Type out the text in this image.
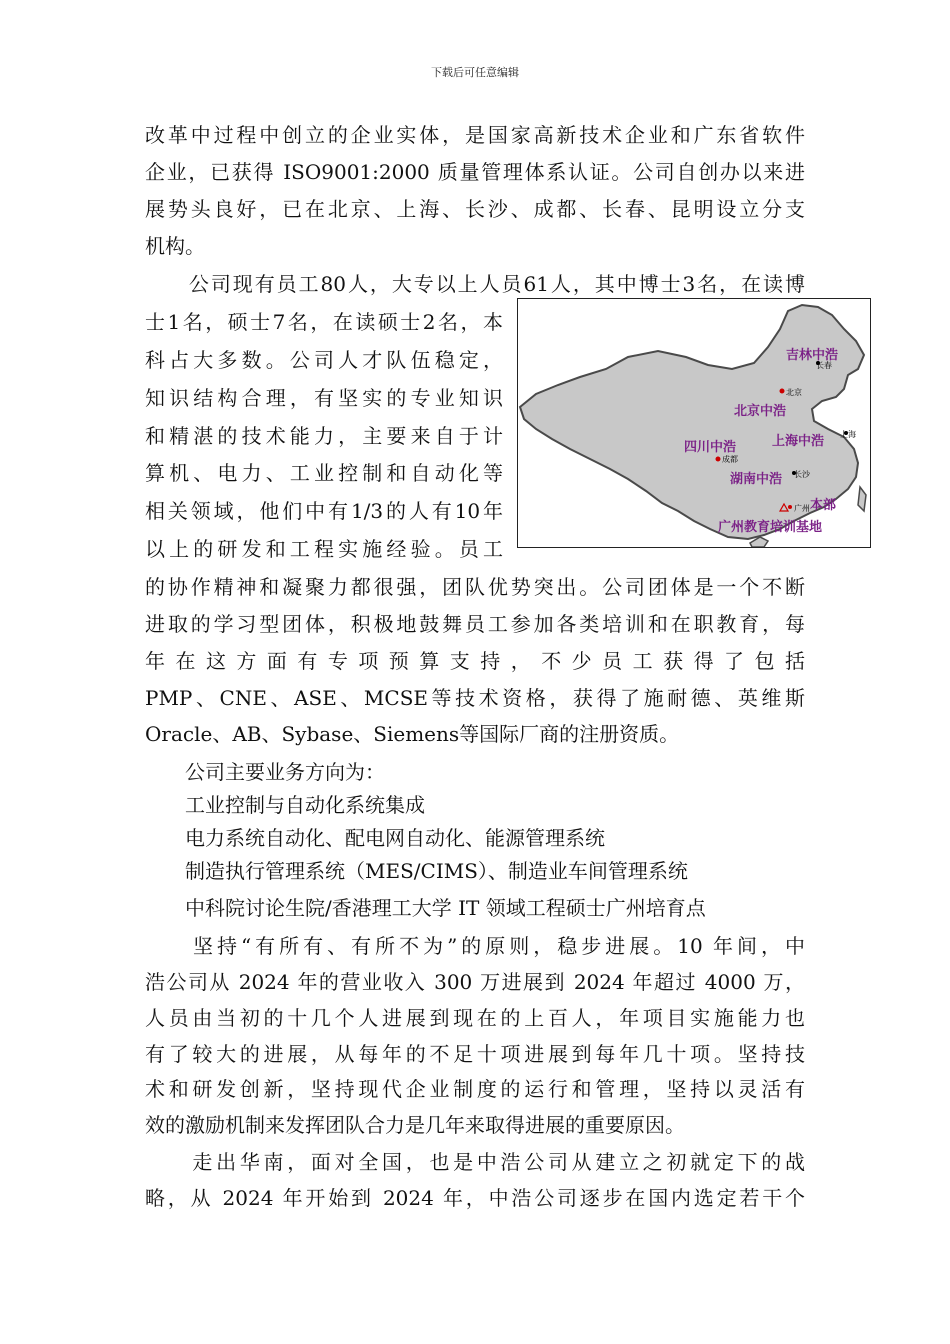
下载后可任意编辑
改革中过程中创立的企业实体，是国家高新技术企业和广东省软件
企业，已获得 ISO9001:2000 质量管理体系认证。公司自创办以来进
展势头良好，已在北京、上海、长沙、成都、长春、昆明设立分支
机构。
　　公司现有员工80人，大专以上人员61人，其中博士3名，在读博
士1名，硕士7名，在读硕士2名，本
科占大多数。公司人才队伍稳定，
知识结构合理，有坚实的专业知识
和精湛的技术能力，主要来自于计
算机、电力、工业控制和自动化等
相关领域，他们中有1/3的人有10年
以上的研发和工程实施经验。员工
的协作精神和凝聚力都很强，团队优势突出。公司团体是一个不断
进取的学习型团体，积极地鼓舞员工参加各类培训和在职教育，每
年在这方面有专项预算支持，不少员工获得了包括
PMP、CNE、ASE、MCSE等技术资格，获得了施耐德、英维斯
Oracle、AB、Sybase、Siemens等国际厂商的注册资质。
　　公司主要业务方向为：
　　工业控制与自动化系统集成
　　电力系统自动化、配电网自动化、能源管理系统
　　制造执行管理系统（MES/CIMS）、制造业车间管理系统
　　中科院讨论生院/香港理工大学 IT 领域工程硕士广州培育点
　　坚持“有所有、有所不为”的原则，稳步进展。10 年间，中
浩公司从 2024 年的营业收入 300 万进展到 2024 年超过 4000 万，
人员由当初的十几个人进展到现在的上百人，年项目实施能力也
有了较大的进展，从每年的不足十项进展到每年几十项。坚持技
术和研发创新，坚持现代企业制度的运行和管理，坚持以灵活有
效的激励机制来发挥团队合力是几年来取得进展的重要原因。
　　走出华南，面对全国，也是中浩公司从建立之初就定下的战
略，从 2024 年开始到 2024 年，中浩公司逐步在国内选定若干个
吉林中浩
长春
北京
北京中浩
上海中浩 上海
四川中浩
成都
湖南中浩 长沙
广州 本部
广州教育培训基地
